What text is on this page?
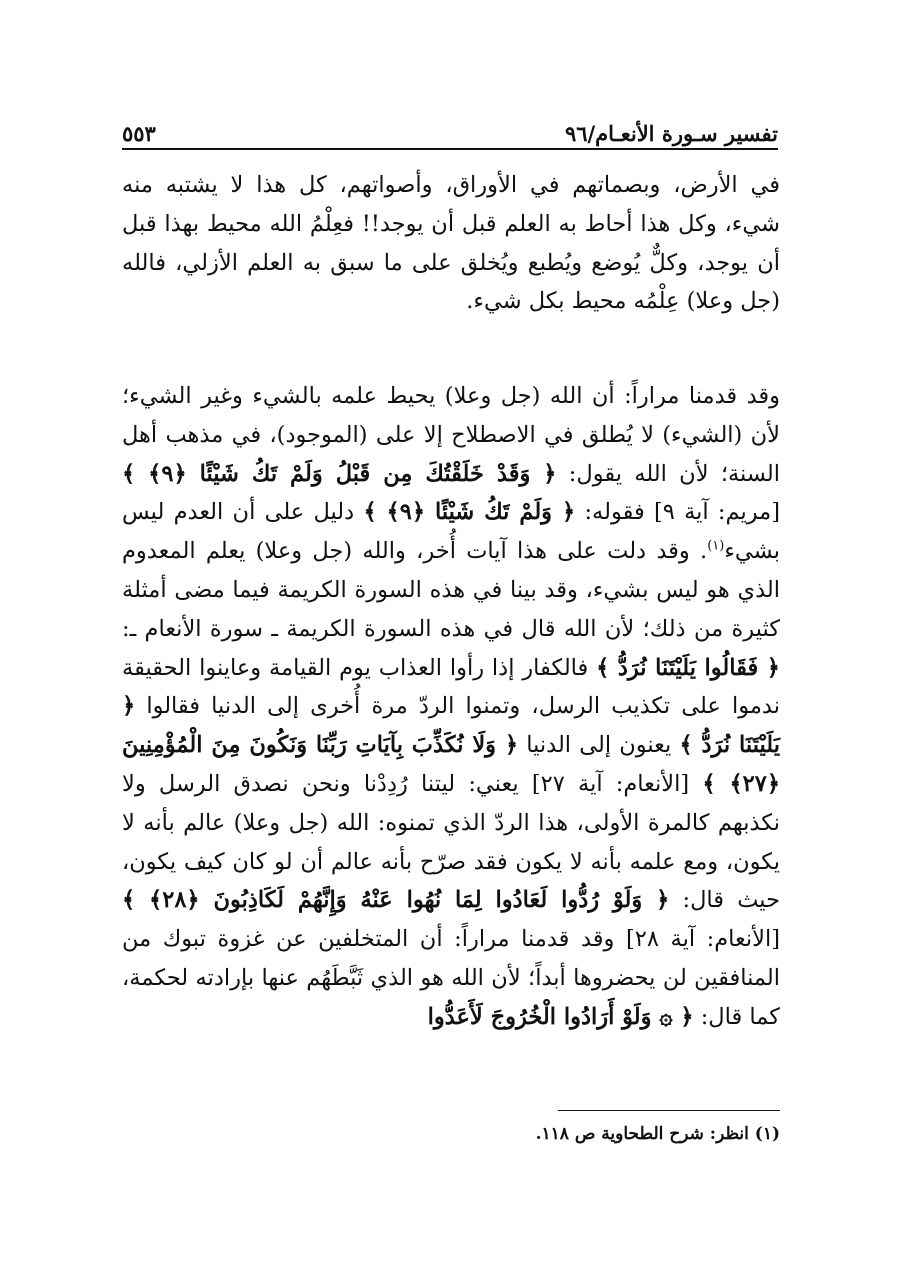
تفسير سـورة الأنعـام/٩٦
٥٥٣

في الأرض، وبصماتهم في الأوراق، وأصواتهم، كل هذا لا يشتبه منه شيء، وكل هذا أحاط به العلم قبل أن يوجد!! فعِلْمُ الله محيط بهذا قبل أن يوجد، وكلٌّ يُوضع ويُطبع ويُخلق على ما سبق به العلم الأزلي، فالله (جل وعلا) عِلْمُه محيط بكل شيء.

وقد قدمنا مراراً: أن الله (جل وعلا) يحيط علمه بالشيء وغير الشيء؛ لأن (الشيء) لا يُطلق في الاصطلاح إلا على (الموجود)، في مذهب أهل السنة؛ لأن الله يقول: ﴿ وَقَدْ خَلَقْتُكَ مِن قَبْلُ وَلَمْ تَكُ شَيْئًا ﴿٩﴾ ﴾ [مريم: آية ٩] فقوله: ﴿ وَلَمْ تَكُ شَيْئًا ﴿٩﴾ ﴾ دليل على أن العدم ليس بشيء$^{(١)}$. وقد دلت على هذا آيات أُخر، والله (جل وعلا) يعلم المعدوم الذي هو ليس بشيء، وقد بينا في هذه السورة الكريمة فيما مضى أمثلة كثيرة من ذلك؛ لأن الله قال في هذه السورة الكريمة ـ سورة الأنعام ـ: ﴿ فَقَالُوا يَلَيْتَنَا نُرَدُّ ﴾ فالكفار إذا رأوا العذاب يوم القيامة وعاينوا الحقيقة ندموا على تكذيب الرسل، وتمنوا الردّ مرة أُخرى إلى الدنيا فقالوا ﴿ يَلَيْتَنَا نُرَدُّ ﴾ يعنون إلى الدنيا ﴿ وَلَا نُكَذِّبَ بِآيَاتِ رَبِّنَا وَنَكُونَ مِنَ الْمُؤْمِنِينَ ﴿٢٧﴾ ﴾ [الأنعام: آية ٢٧] يعني: ليتنا رُدِدْنا ونحن نصدق الرسل ولا نكذبهم كالمرة الأولى، هذا الردّ الذي تمنوه: الله (جل وعلا) عالم بأنه لا يكون، ومع علمه بأنه لا يكون فقد صرّح بأنه عالم أن لو كان كيف يكون، حيث قال: ﴿ وَلَوْ رُدُّوا لَعَادُوا لِمَا نُهُوا عَنْهُ وَإِنَّهُمْ لَكَاذِبُونَ ﴿٢٨﴾ ﴾ [الأنعام: آية ٢٨] وقد قدمنا مراراً: أن المتخلفين عن غزوة تبوك من المنافقين لن يحضروها أبداً؛ لأن الله هو الذي ثَبَّطَهُم عنها بإرادته لحكمة، كما قال: ﴿ ۞ وَلَوْ أَرَادُوا الْخُرُوجَ لَأَعَدُّوا

(١) انظر: شرح الطحاوية ص ١١٨.
